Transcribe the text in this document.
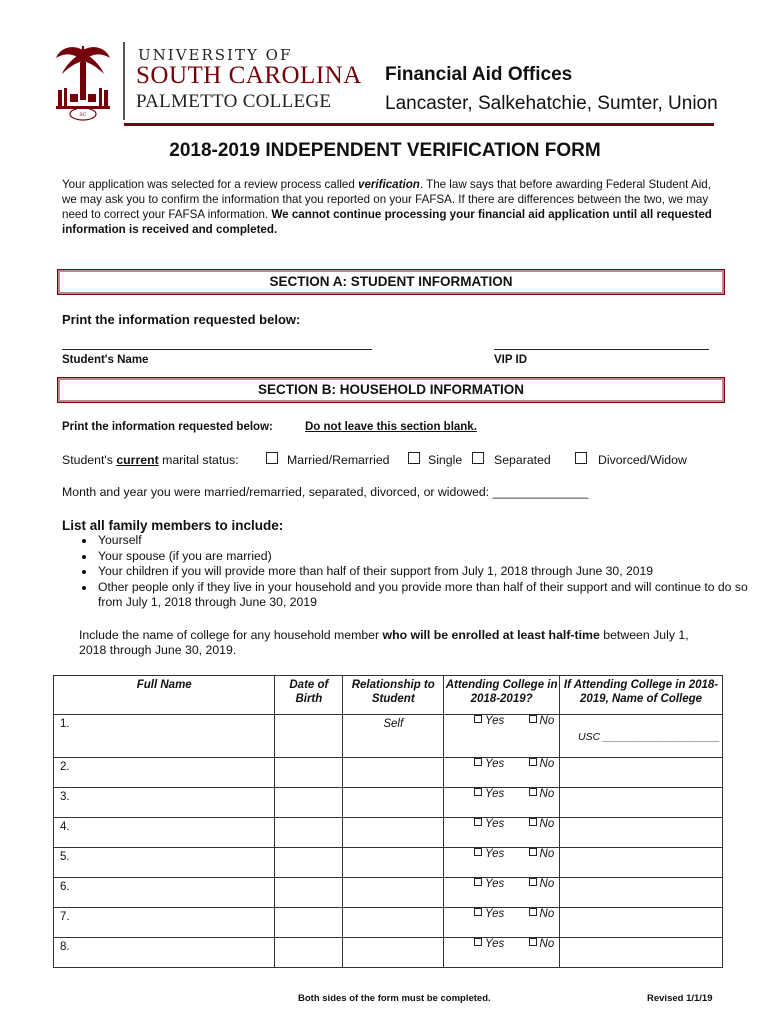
SC
UNIVERSITY OF
SOUTH CAROLINA
PALMETTO COLLEGE
Financial Aid Offices
Lancaster, Salkehatchie, Sumter, Union
2018-2019 INDEPENDENT VERIFICATION FORM
Your application was selected for a review process called verification. The law says that before awarding Federal Student Aid, we may ask you to confirm the information that you reported on your FAFSA. If there are differences between the two, we may need to correct your FAFSA information. We cannot continue processing your financial aid application until all requested information is received and completed.
SECTION A: STUDENT INFORMATION
Print the information requested below:
Student's Name	VIP ID
SECTION B: HOUSEHOLD INFORMATION
Print the information requested below:	Do not leave this section blank.
Student's current marital status:	Married/Remarried	Single	Separated	Divorced/Widow
Month and year you were married/remarried, separated, divorced, or widowed: ______________
List all family members to include:
• Yourself
• Your spouse (if you are married)
• Your children if you will provide more than half of their support from July 1, 2018 through June 30, 2019
• Other people only if they live in your household and you provide more than half of their support and will continue to do so from July 1, 2018 through June 30, 2019
Include the name of college for any household member who will be enrolled at least half-time between July 1, 2018 through June 30, 2019.
Full Name	Date of Birth	Relationship to Student	Attending College in 2018-2019?	If Attending College in 2018-2019, Name of College
1.		Self	Yes No	USC ____________________
2.			Yes No	
3.			Yes No	
4.			Yes No	
5.			Yes No	
6.			Yes No	
7.			Yes No	
8.			Yes No	
Both sides of the form must be completed.	Revised 1/1/19
